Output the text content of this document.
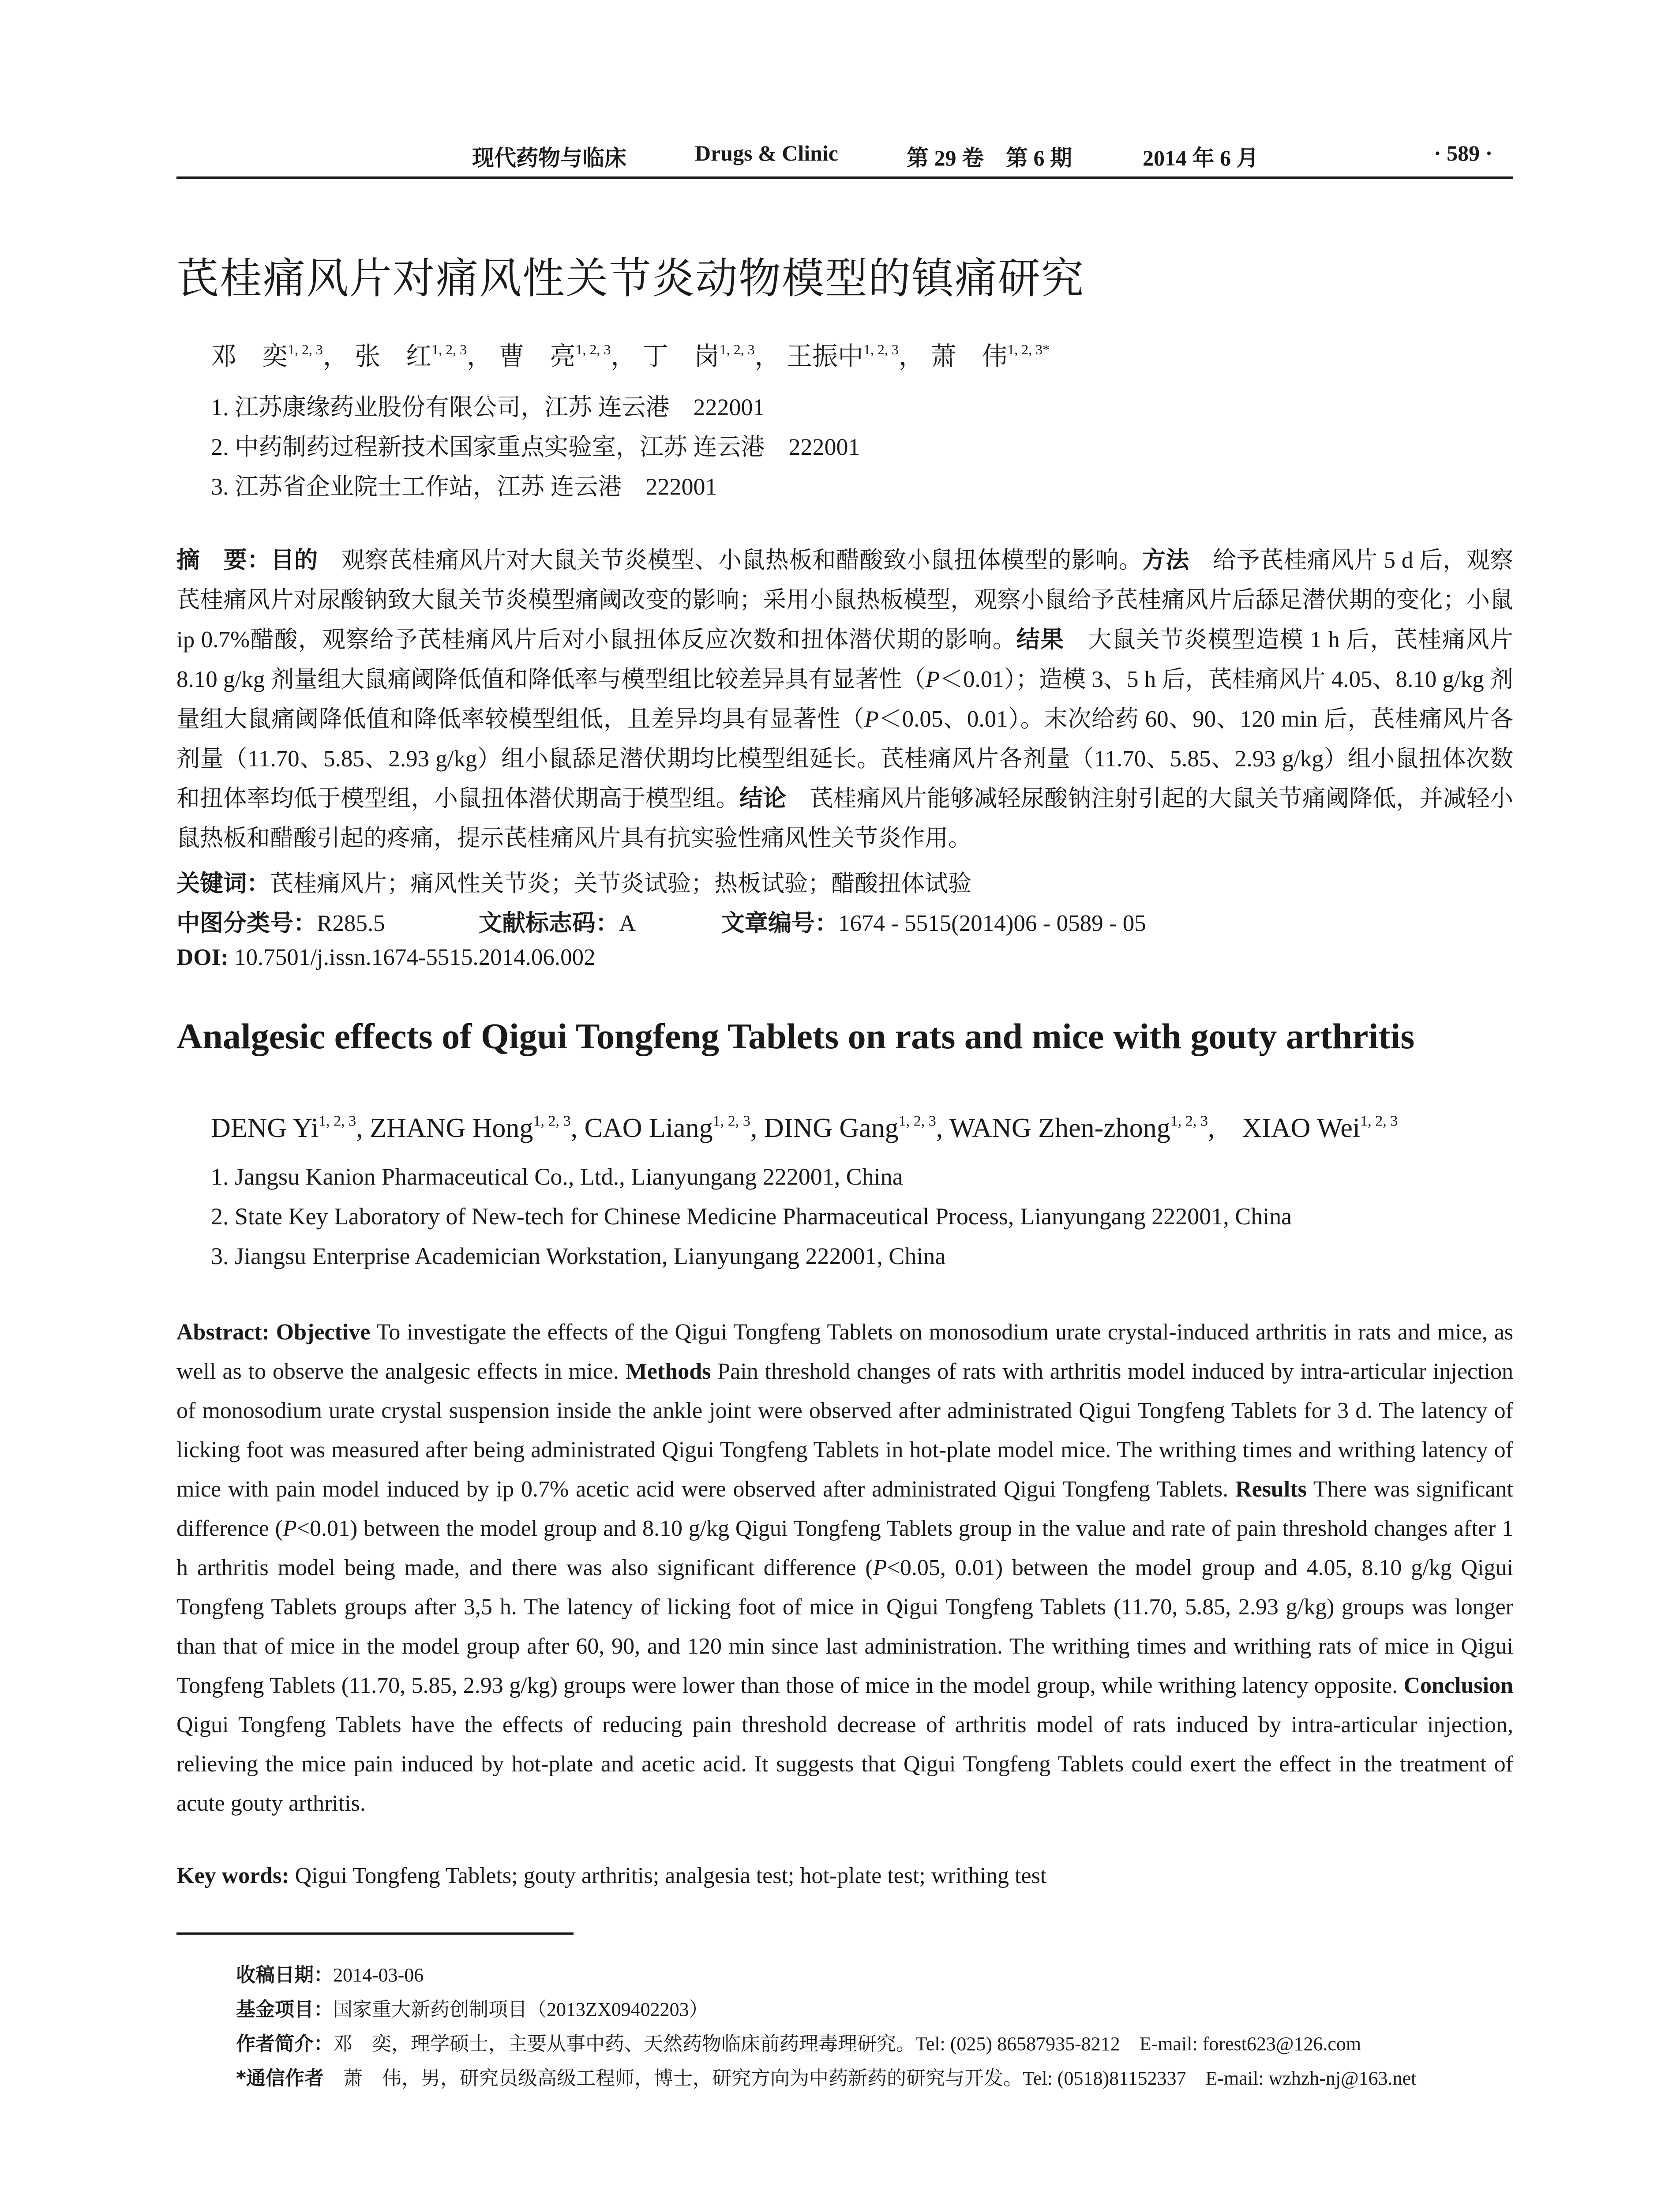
现代药物与临床	Drugs & Clinic	第 29 卷　第 6 期	2014 年 6 月	· 589 ·
芪桂痛风片对痛风性关节炎动物模型的镇痛研究
邓　奕$^{1, 2, 3}$， 张　红$^{1, 2, 3}$， 曹　亮$^{1, 2, 3}$， 丁　岗$^{1, 2, 3}$， 王振中$^{1, 2, 3}$， 萧　伟$^{1, 2, 3*}$
1. 江苏康缘药业股份有限公司，江苏 连云港　222001
2. 中药制药过程新技术国家重点实验室，江苏 连云港　222001
3. 江苏省企业院士工作站，江苏 连云港　222001
摘　要：目的　观察芪桂痛风片对大鼠关节炎模型、小鼠热板和醋酸致小鼠扭体模型的影响。方法　给予芪桂痛风片 5 d 后，观察芪桂痛风片对尿酸钠致大鼠关节炎模型痛阈改变的影响；采用小鼠热板模型，观察小鼠给予芪桂痛风片后舔足潜伏期的变化；小鼠 ip 0.7%醋酸，观察给予芪桂痛风片后对小鼠扭体反应次数和扭体潜伏期的影响。结果　大鼠关节炎模型造模 1 h 后，芪桂痛风片 8.10 g/kg 剂量组大鼠痛阈降低值和降低率与模型组比较差异具有显著性（P＜0.01）；造模 3、5 h 后，芪桂痛风片 4.05、8.10 g/kg 剂量组大鼠痛阈降低值和降低率较模型组低，且差异均具有显著性（P＜0.05、0.01）。末次给药 60、90、120 min 后，芪桂痛风片各剂量（11.70、5.85、2.93 g/kg）组小鼠舔足潜伏期均比模型组延长。芪桂痛风片各剂量（11.70、5.85、2.93 g/kg）组小鼠扭体次数和扭体率均低于模型组，小鼠扭体潜伏期高于模型组。结论　芪桂痛风片能够减轻尿酸钠注射引起的大鼠关节痛阈降低，并减轻小鼠热板和醋酸引起的疼痛，提示芪桂痛风片具有抗实验性痛风性关节炎作用。
关键词：芪桂痛风片；痛风性关节炎；关节炎试验；热板试验；醋酸扭体试验
中图分类号：R285.5	文献标志码：A	文章编号：1674 - 5515(2014)06 - 0589 - 05
DOI: 10.7501/j.issn.1674-5515.2014.06.002
Analgesic effects of Qigui Tongfeng Tablets on rats and mice with gouty arthritis
DENG Yi$^{1, 2, 3}$, ZHANG Hong$^{1, 2, 3}$, CAO Liang$^{1, 2, 3}$, DING Gang$^{1, 2, 3}$, WANG Zhen-zhong$^{1, 2, 3}$,    XIAO Wei$^{1, 2, 3}$
1. Jangsu Kanion Pharmaceutical Co., Ltd., Lianyungang 222001, China
2. State Key Laboratory of New-tech for Chinese Medicine Pharmaceutical Process, Lianyungang 222001, China
3. Jiangsu Enterprise Academician Workstation, Lianyungang 222001, China
Abstract: Objective To investigate the effects of the Qigui Tongfeng Tablets on monosodium urate crystal-induced arthritis in rats and mice, as well as to observe the analgesic effects in mice. Methods Pain threshold changes of rats with arthritis model induced by intra-articular injection of monosodium urate crystal suspension inside the ankle joint were observed after administrated Qigui Tongfeng Tablets for 3 d. The latency of licking foot was measured after being administrated Qigui Tongfeng Tablets in hot-plate model mice. The writhing times and writhing latency of mice with pain model induced by ip 0.7% acetic acid were observed after administrated Qigui Tongfeng Tablets. Results There was significant difference (P<0.01) between the model group and 8.10 g/kg Qigui Tongfeng Tablets group in the value and rate of pain threshold changes after 1 h arthritis model being made, and there was also significant difference (P<0.05, 0.01) between the model group and 4.05, 8.10 g/kg Qigui Tongfeng Tablets groups after 3,5 h. The latency of licking foot of mice in Qigui Tongfeng Tablets (11.70, 5.85, 2.93 g/kg) groups was longer than that of mice in the model group after 60, 90, and 120 min since last administration. The writhing times and writhing rats of mice in Qigui Tongfeng Tablets (11.70, 5.85, 2.93 g/kg) groups were lower than those of mice in the model group, while writhing latency opposite. Conclusion Qigui Tongfeng Tablets have the effects of reducing pain threshold decrease of arthritis model of rats induced by intra-articular injection, relieving the mice pain induced by hot-plate and acetic acid. It suggests that Qigui Tongfeng Tablets could exert the effect in the treatment of acute gouty arthritis.
Key words: Qigui Tongfeng Tablets; gouty arthritis; analgesia test; hot-plate test; writhing test
收稿日期：2014-03-06
基金项目：国家重大新药创制项目（2013ZX09402203）
作者简介：邓　奕，理学硕士，主要从事中药、天然药物临床前药理毒理研究。Tel: (025) 86587935-8212　E-mail: forest623@126.com
*通信作者　萧　伟，男，研究员级高级工程师，博士，研究方向为中药新药的研究与开发。Tel: (0518)81152337　E-mail: wzhzh-nj@163.net
